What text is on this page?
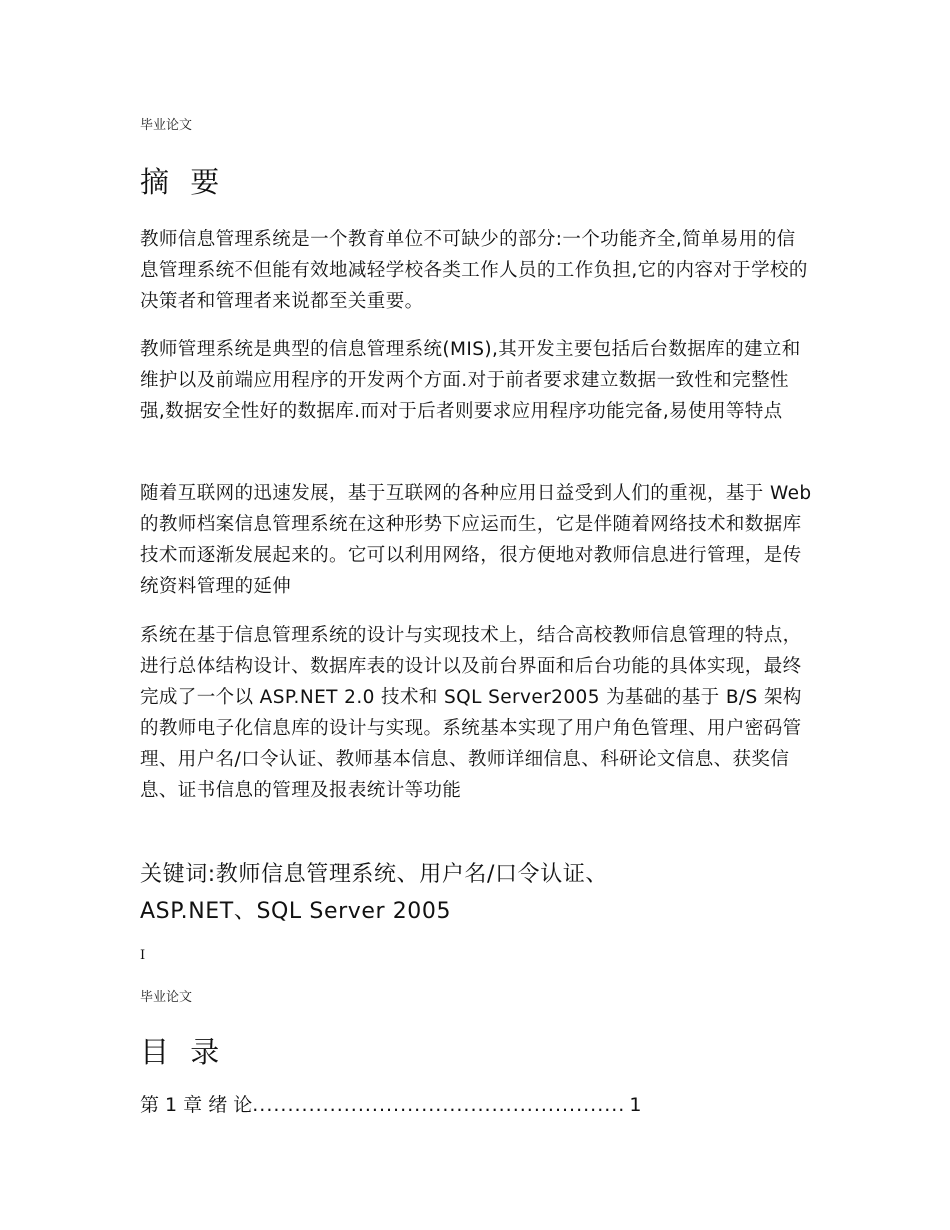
毕业论文
摘 要

教师信息管理系统是一个教育单位不可缺少的部分:一个功能齐全,简单易用的信息管理系统不但能有效地减轻学校各类工作人员的工作负担,它的内容对于学校的决策者和管理者来说都至关重要。

教师管理系统是典型的信息管理系统(MIS),其开发主要包括后台数据库的建立和维护以及前端应用程序的开发两个方面.对于前者要求建立数据一致性和完整性强,数据安全性好的数据库.而对于后者则要求应用程序功能完备,易使用等特点

随着互联网的迅速发展，基于互联网的各种应用日益受到人们的重视，基于 Web 的教师档案信息管理系统在这种形势下应运而生，它是伴随着网络技术和数据库技术而逐渐发展起来的。它可以利用网络，很方便地对教师信息进行管理，是传统资料管理的延伸

系统在基于信息管理系统的设计与实现技术上，结合高校教师信息管理的特点，进行总体结构设计、数据库表的设计以及前台界面和后台功能的具体实现，最终完成了一个以 ASP.NET 2.0 技术和 SQL Server2005 为基础的基于 B/S 架构的教师电子化信息库的设计与实现。系统基本实现了用户角色管理、用户密码管理、用户名/口令认证、教师基本信息、教师详细信息、科研论文信息、获奖信息、证书信息的管理及报表统计等功能

关键词:教师信息管理系统、用户名/口令认证、
ASP.NET、SQL Server 2005
I
毕业论文
目 录
第 1 章 绪 论 ..................................................... 1
